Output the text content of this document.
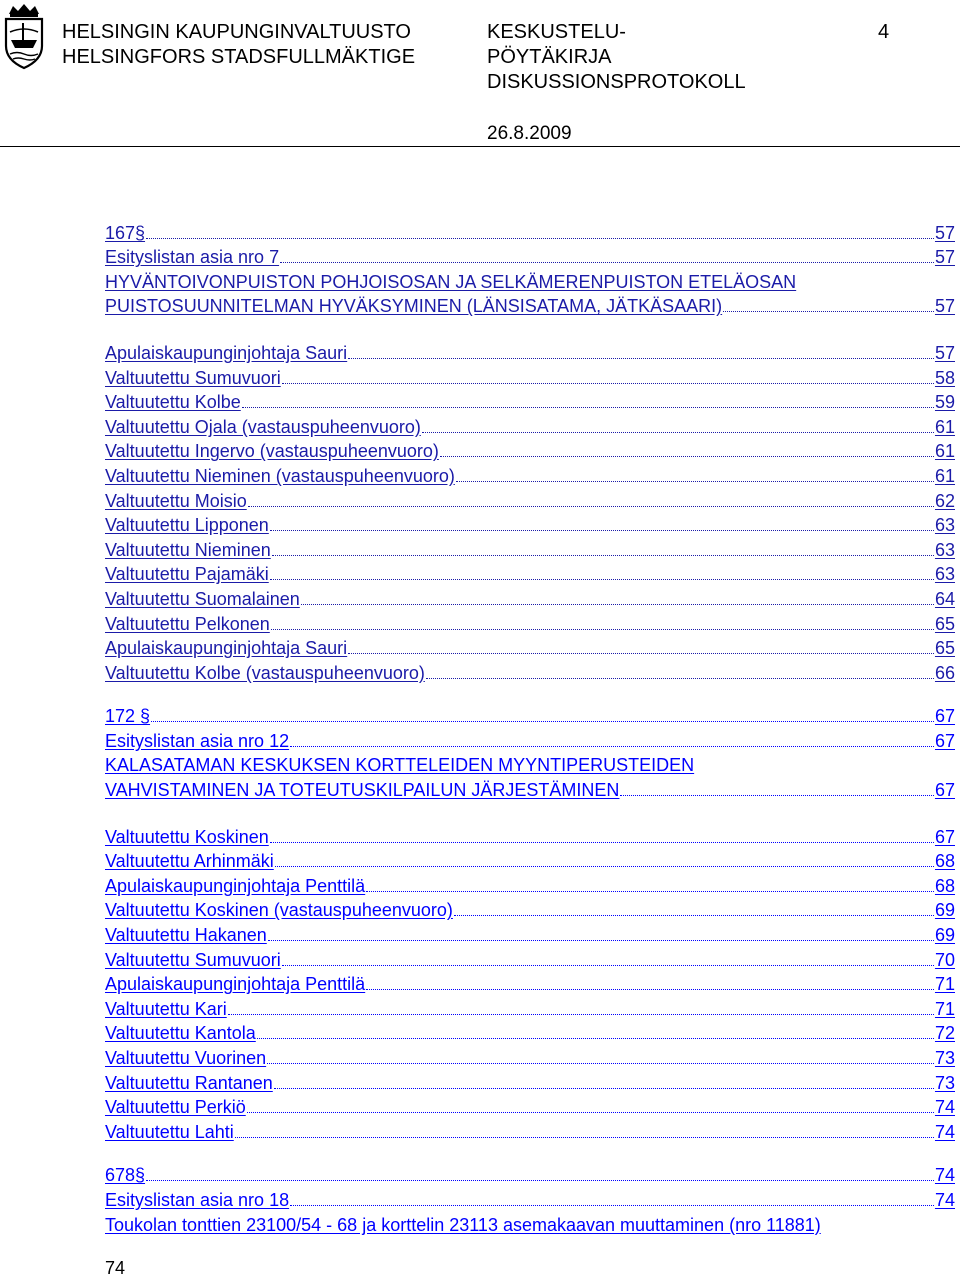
HELSINGIN KAUPUNGINVALTUUSTO
HELSINGFORS STADSFULLMÄKTIGE
KESKUSTELU-
PÖYTÄKIRJA
DISKUSSIONSPROTOKOLL
4
26.8.2009
167§	57
Esityslistan asia nro 7	57
HYVÄNTOIVONPUISTON POHJOISOSAN JA SELKÄMERENPUISTON ETELÄOSAN
PUISTOSUUNNITELMAN HYVÄKSYMINEN (LÄNSISATAMA, JÄTKÄSAARI)	57
Apulaiskaupunginjohtaja Sauri	57
Valtuutettu Sumuvuori	58
Valtuutettu Kolbe	59
Valtuutettu Ojala (vastauspuheenvuoro)	61
Valtuutettu Ingervo (vastauspuheenvuoro)	61
Valtuutettu Nieminen (vastauspuheenvuoro)	61
Valtuutettu Moisio	62
Valtuutettu Lipponen	63
Valtuutettu Nieminen	63
Valtuutettu Pajamäki	63
Valtuutettu Suomalainen	64
Valtuutettu Pelkonen	65
Apulaiskaupunginjohtaja Sauri	65
Valtuutettu Kolbe (vastauspuheenvuoro)	66
172 §	67
Esityslistan asia nro 12	67
KALASATAMAN KESKUKSEN KORTTELEIDEN MYYNTIPERUSTEIDEN
VAHVISTAMINEN JA TOTEUTUSKILPAILUN JÄRJESTÄMINEN	67
Valtuutettu Koskinen	67
Valtuutettu Arhinmäki	68
Apulaiskaupunginjohtaja Penttilä	68
Valtuutettu Koskinen (vastauspuheenvuoro)	69
Valtuutettu Hakanen	69
Valtuutettu Sumuvuori	70
Apulaiskaupunginjohtaja Penttilä	71
Valtuutettu Kari	71
Valtuutettu Kantola	72
Valtuutettu Vuorinen	73
Valtuutettu Rantanen	73
Valtuutettu Perkiö	74
Valtuutettu Lahti	74
678§	74
Esityslistan asia nro 18	74
Toukolan tonttien 23100/54 - 68 ja korttelin 23113 asemakaavan muuttaminen (nro 11881)
74
